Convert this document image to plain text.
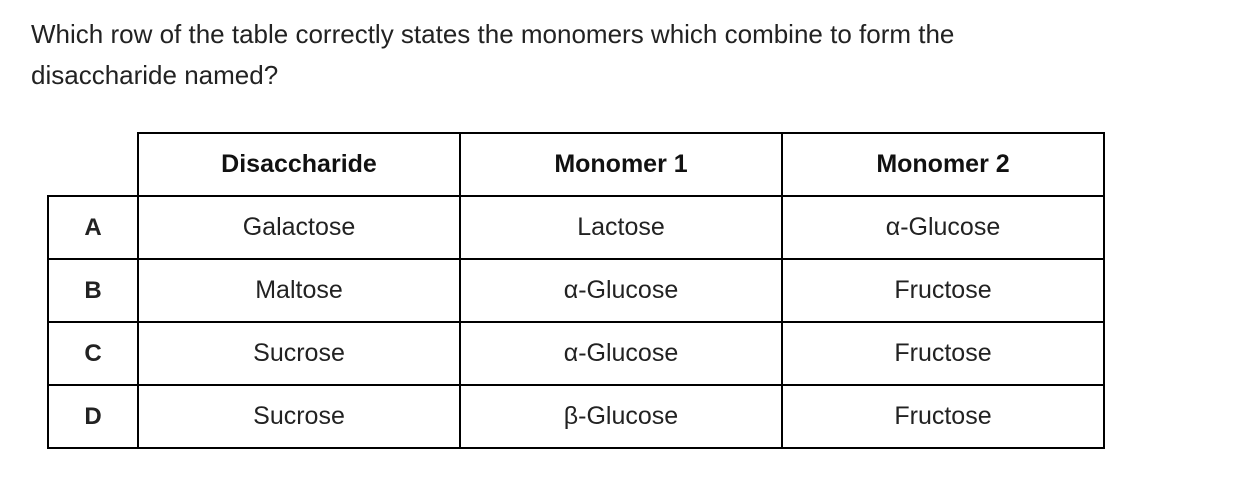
Which row of the table correctly states the monomers which combine to form the
disaccharide named?
	Disaccharide	Monomer 1	Monomer 2
A	Galactose	Lactose	α-Glucose
B	Maltose	α-Glucose	Fructose
C	Sucrose	α-Glucose	Fructose
D	Sucrose	β-Glucose	Fructose
